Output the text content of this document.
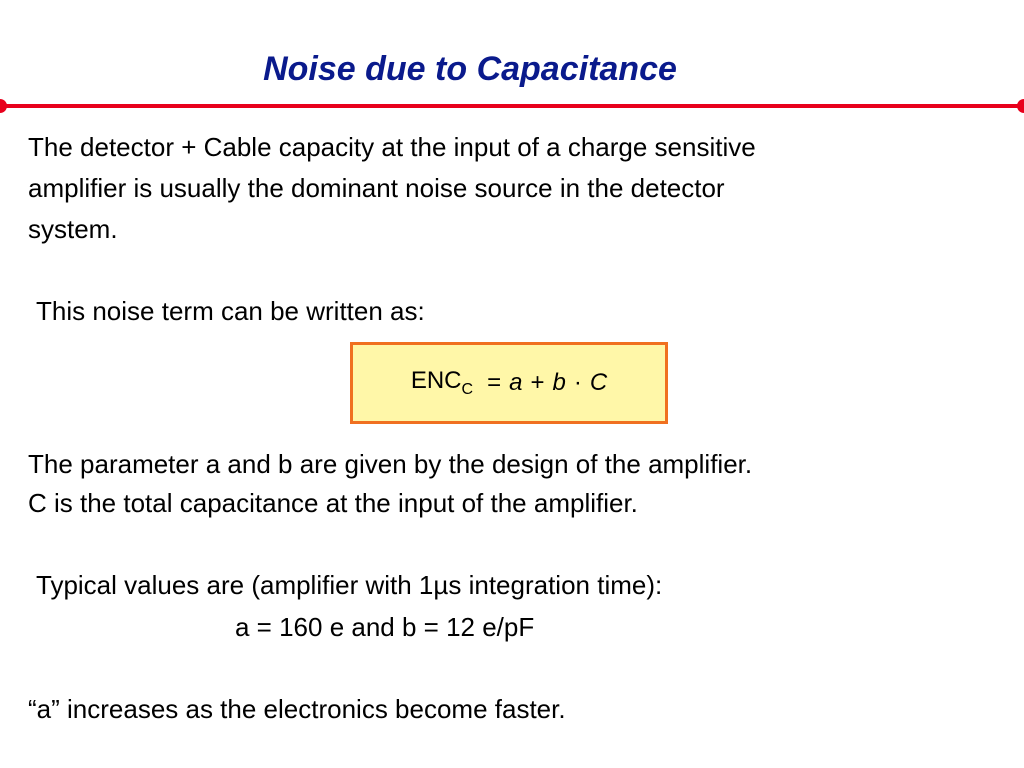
Noise due to Capacitance
The detector + Cable capacity at the input of a charge sensitive
amplifier is usually the dominant noise source in the detector
system.
This noise term can be written as:
$ENC_C = a + b \cdot C$
The parameter a and b are given by the design of the amplifier.
C is the total capacitance at the input of the amplifier.
Typical values are (amplifier with 1µs integration time):
a = 160 e and b = 12 e/pF
“a” increases as the electronics become faster.
